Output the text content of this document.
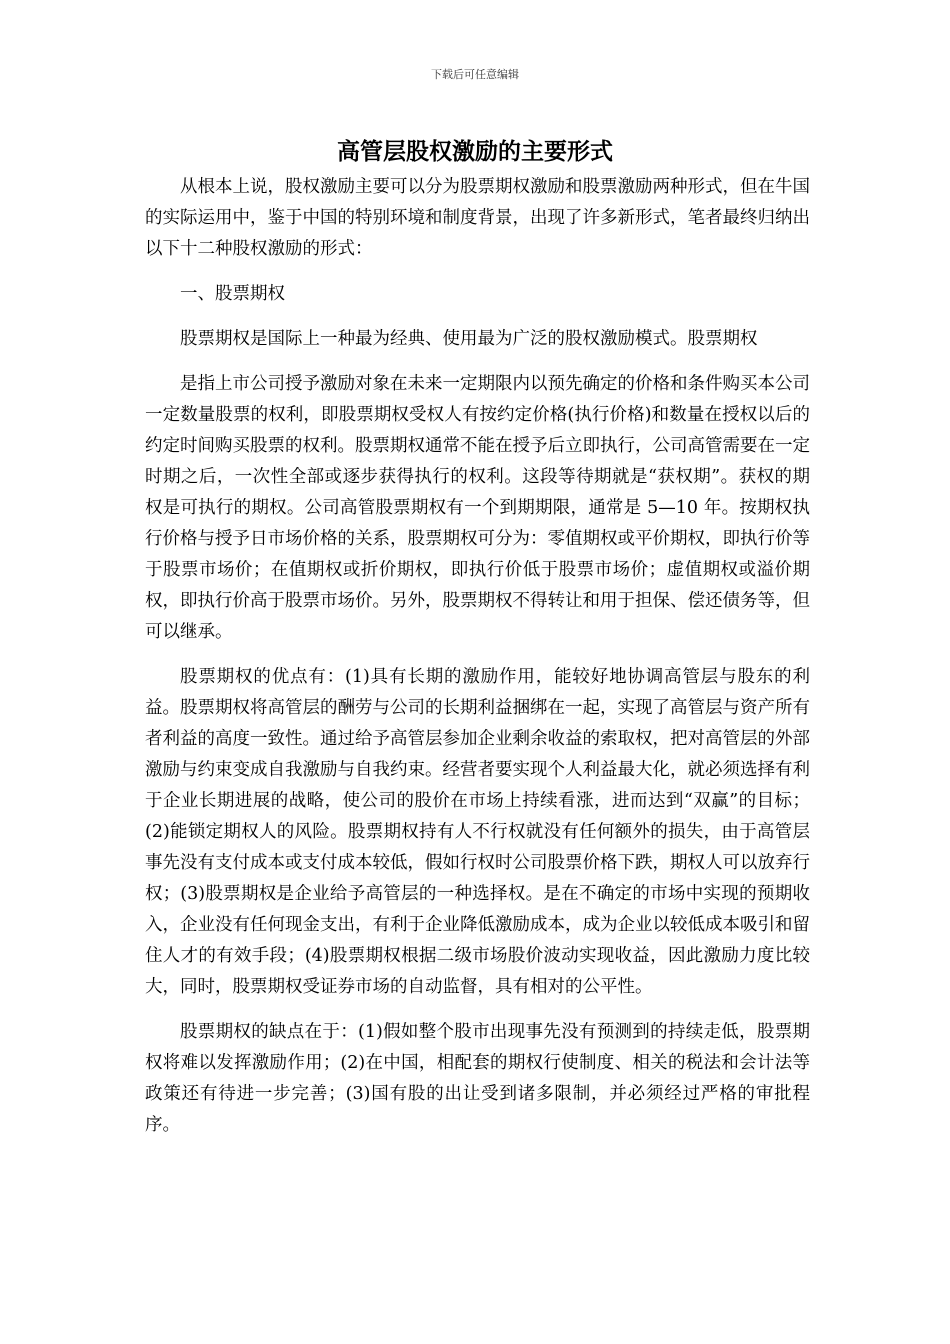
下载后可任意编辑
高管层股权激励的主要形式

从根本上说，股权激励主要可以分为股票期权激励和股票激励两种形式，但在牛国的实际运用中，鉴于中国的特别环境和制度背景，出现了许多新形式，笔者最终归纳出以下十二种股权激励的形式：

一、股票期权

股票期权是国际上一种最为经典、使用最为广泛的股权激励模式。股票期权

是指上市公司授予激励对象在未来一定期限内以预先确定的价格和条件购买本公司一定数量股票的权利，即股票期权受权人有按约定价格(执行价格)和数量在授权以后的约定时间购买股票的权利。股票期权通常不能在授予后立即执行，公司高管需要在一定时期之后，一次性全部或逐步获得执行的权利。这段等待期就是“获权期”。获权的期权是可执行的期权。公司高管股票期权有一个到期期限，通常是 5—10 年。按期权执行价格与授予日市场价格的关系，股票期权可分为：零值期权或平价期权，即执行价等于股票市场价；在值期权或折价期权，即执行价低于股票市场价；虚值期权或溢价期权，即执行价高于股票市场价。另外，股票期权不得转让和用于担保、偿还债务等，但可以继承。

股票期权的优点有：(1)具有长期的激励作用，能较好地协调高管层与股东的利益。股票期权将高管层的酬劳与公司的长期利益捆绑在一起，实现了高管层与资产所有者利益的高度一致性。通过给予高管层参加企业剩余收益的索取权，把对高管层的外部激励与约束变成自我激励与自我约束。经营者要实现个人利益最大化，就必须选择有利于企业长期进展的战略，使公司的股价在市场上持续看涨，进而达到“双赢”的目标；(2)能锁定期权人的风险。股票期权持有人不行权就没有任何额外的损失，由于高管层事先没有支付成本或支付成本较低，假如行权时公司股票价格下跌，期权人可以放弃行权；(3)股票期权是企业给予高管层的一种选择权。是在不确定的市场中实现的预期收入，企业没有任何现金支出，有利于企业降低激励成本，成为企业以较低成本吸引和留住人才的有效手段；(4)股票期权根据二级市场股价波动实现收益，因此激励力度比较大，同时，股票期权受证券市场的自动监督，具有相对的公平性。

股票期权的缺点在于：(1)假如整个股市出现事先没有预测到的持续走低，股票期权将难以发挥激励作用；(2)在中国，相配套的期权行使制度、相关的税法和会计法等政策还有待进一步完善；(3)国有股的出让受到诸多限制，并必须经过严格的审批程序。
